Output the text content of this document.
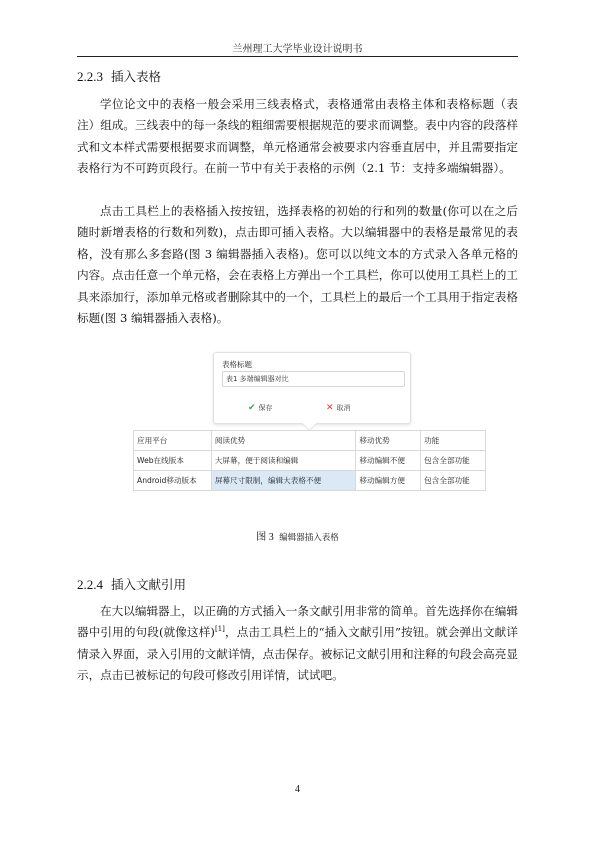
兰州理工大学毕业设计说明书
2.2.3 插入表格

学位论文中的表格一般会采用三线表格式，表格通常由表格主体和表格标题（表注）组成。三线表中的每一条线的粗细需要根据规范的要求而调整。表中内容的段落样式和文本样式需要根据要求而调整，单元格通常会被要求内容垂直居中，并且需要指定表格行为不可跨页段行。在前一节中有关于表格的示例（2.1 节：支持多端编辑器）。

点击工具栏上的表格插入按按钮，选择表格的初始的行和列的数量(你可以在之后随时新增表格的行数和列数)，点击即可插入表格。大以编辑器中的表格是最常见的表格，没有那么多套路(图 3 编辑器插入表格)。您可以以纯文本的方式录入各单元格的内容。点击任意一个单元格，会在表格上方弹出一个工具栏，你可以使用工具栏上的工具来添加行，添加单元格或者删除其中的一个，工具栏上的最后一个工具用于指定表格标题(图 3 编辑器插入表格)。

表格标题
表1 多端编辑器对比
✔ 保存	✕ 取消
应用平台	阅读优势	移动优势	功能
Web在线版本	大屏幕，便于阅读和编辑	移动编辑不便	包含全部功能
Android移动版本	屏幕尺寸限制，编辑大表格不便	移动编辑方便	包含全部功能
图 3 编辑器插入表格
2.2.4 插入文献引用

在大以编辑器上，以正确的方式插入一条文献引用非常的简单。首先选择你在编辑器中引用的句段(就像这样)[1]，点击工具栏上的“插入文献引用”按钮。就会弹出文献详情录入界面，录入引用的文献详情，点击保存。被标记文献引用和注释的句段会高亮显示，点击已被标记的句段可修改引用详情，试试吧。

4
